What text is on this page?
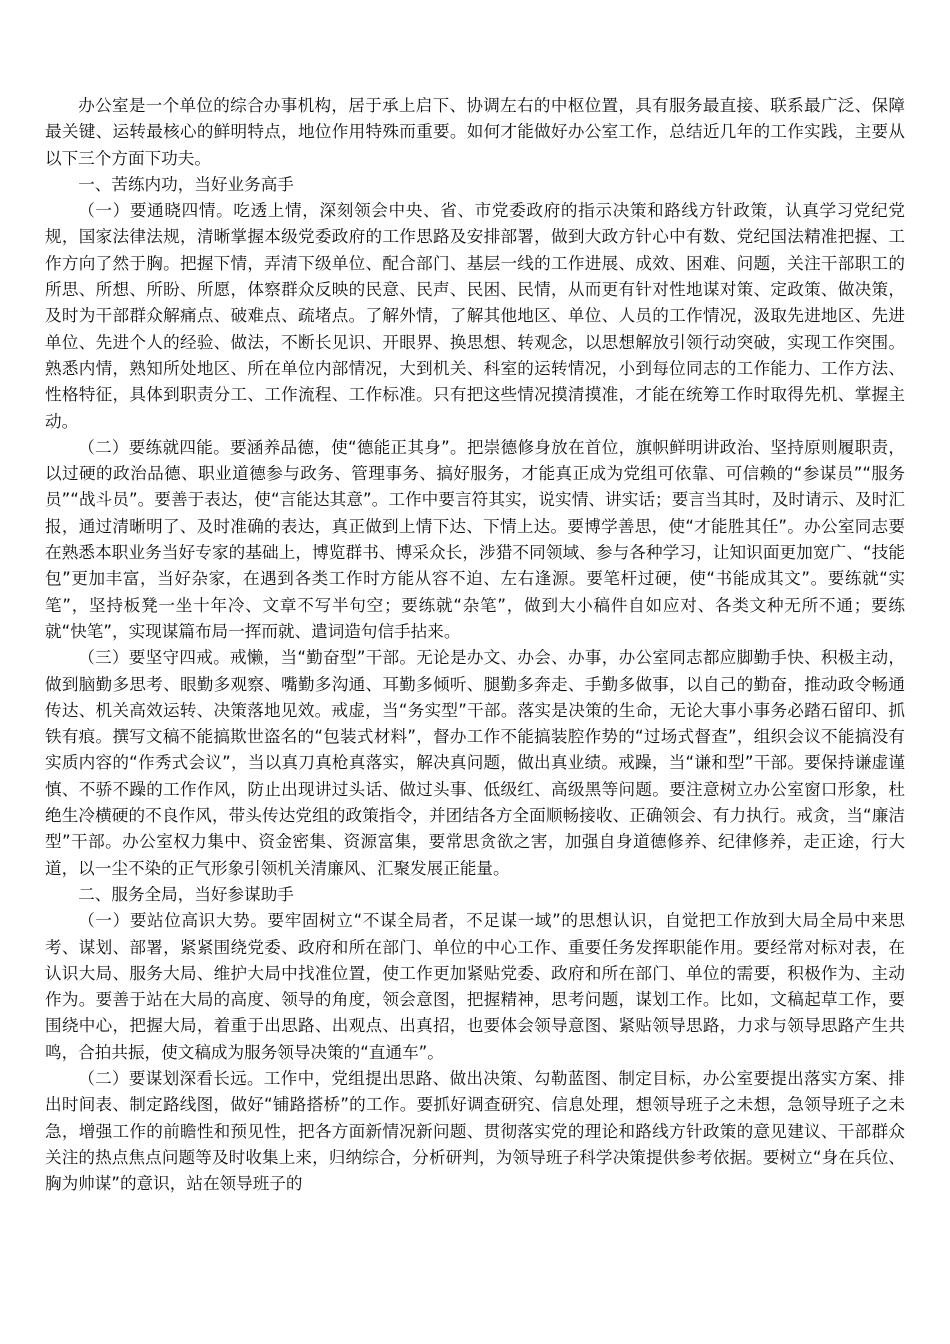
办公室是一个单位的综合办事机构，居于承上启下、协调左右的中枢位置，具有服务最直接、联系最广泛、保障最关键、运转最核心的鲜明特点，地位作用特殊而重要。如何才能做好办公室工作，总结近几年的工作实践，主要从以下三个方面下功夫。

一、苦练内功，当好业务高手

（一）要通晓四情。吃透上情，深刻领会中央、省、市党委政府的指示决策和路线方针政策，认真学习党纪党规，国家法律法规，清晰掌握本级党委政府的工作思路及安排部署，做到大政方针心中有数、党纪国法精准把握、工作方向了然于胸。把握下情，弄清下级单位、配合部门、基层一线的工作进展、成效、困难、问题，关注干部职工的所思、所想、所盼、所愿，体察群众反映的民意、民声、民困、民情，从而更有针对性地谋对策、定政策、做决策，及时为干部群众解痛点、破难点、疏堵点。了解外情，了解其他地区、单位、人员的工作情况，汲取先进地区、先进单位、先进个人的经验、做法，不断长见识、开眼界、换思想、转观念，以思想解放引领行动突破，实现工作突围。熟悉内情，熟知所处地区、所在单位内部情况，大到机关、科室的运转情况，小到每位同志的工作能力、工作方法、性格特征，具体到职责分工、工作流程、工作标准。只有把这些情况摸清摸准，才能在统筹工作时取得先机、掌握主动。

（二）要练就四能。要涵养品德，使“德能正其身”。把崇德修身放在首位，旗帜鲜明讲政治、坚持原则履职责，以过硬的政治品德、职业道德参与政务、管理事务、搞好服务，才能真正成为党组可依靠、可信赖的“参谋员”“服务员”“战斗员”。要善于表达，使“言能达其意”。工作中要言符其实，说实情、讲实话；要言当其时，及时请示、及时汇报，通过清晰明了、及时准确的表达，真正做到上情下达、下情上达。要博学善思，使“才能胜其任”。办公室同志要在熟悉本职业务当好专家的基础上，博览群书、博采众长，涉猎不同领域、参与各种学习，让知识面更加宽广、“技能包”更加丰富，当好杂家，在遇到各类工作时方能从容不迫、左右逢源。要笔杆过硬，使“书能成其文”。要练就“实笔”，坚持板凳一坐十年冷、文章不写半句空；要练就“杂笔”，做到大小稿件自如应对、各类文种无所不通；要练就“快笔”，实现谋篇布局一挥而就、遣词造句信手拈来。

（三）要坚守四戒。戒懒，当“勤奋型”干部。无论是办文、办会、办事，办公室同志都应脚勤手快、积极主动，做到脑勤多思考、眼勤多观察、嘴勤多沟通、耳勤多倾听、腿勤多奔走、手勤多做事，以自己的勤奋，推动政令畅通传达、机关高效运转、决策落地见效。戒虚，当“务实型”干部。落实是决策的生命，无论大事小事务必踏石留印、抓铁有痕。撰写文稿不能搞欺世盗名的“包装式材料”，督办工作不能搞装腔作势的“过场式督查”，组织会议不能搞没有实质内容的“作秀式会议”，当以真刀真枪真落实，解决真问题，做出真业绩。戒躁，当“谦和型”干部。要保持谦虚谨慎、不骄不躁的工作作风，防止出现讲过头话、做过头事、低级红、高级黑等问题。要注意树立办公室窗口形象，杜绝生冷横硬的不良作风，带头传达党组的政策指令，并团结各方全面顺畅接收、正确领会、有力执行。戒贪，当“廉洁型”干部。办公室权力集中、资金密集、资源富集，要常思贪欲之害，加强自身道德修养、纪律修养，走正途，行大道，以一尘不染的正气形象引领机关清廉风、汇聚发展正能量。

二、服务全局，当好参谋助手

（一）要站位高识大势。要牢固树立“不谋全局者，不足谋一域”的思想认识，自觉把工作放到大局全局中来思考、谋划、部署，紧紧围绕党委、政府和所在部门、单位的中心工作、重要任务发挥职能作用。要经常对标对表，在认识大局、服务大局、维护大局中找准位置，使工作更加紧贴党委、政府和所在部门、单位的需要，积极作为、主动作为。要善于站在大局的高度、领导的角度，领会意图，把握精神，思考问题，谋划工作。比如，文稿起草工作，要围绕中心，把握大局，着重于出思路、出观点、出真招，也要体会领导意图、紧贴领导思路，力求与领导思路产生共鸣，合拍共振，使文稿成为服务领导决策的“直通车”。

（二）要谋划深看长远。工作中，党组提出思路、做出决策、勾勒蓝图、制定目标，办公室要提出落实方案、排出时间表、制定路线图，做好“铺路搭桥”的工作。要抓好调查研究、信息处理，想领导班子之未想，急领导班子之未急，增强工作的前瞻性和预见性，把各方面新情况新问题、贯彻落实党的理论和路线方针政策的意见建议、干部群众关注的热点焦点问题等及时收集上来，归纳综合，分析研判，为领导班子科学决策提供参考依据。要树立“身在兵位、胸为帅谋”的意识，站在领导班子的
